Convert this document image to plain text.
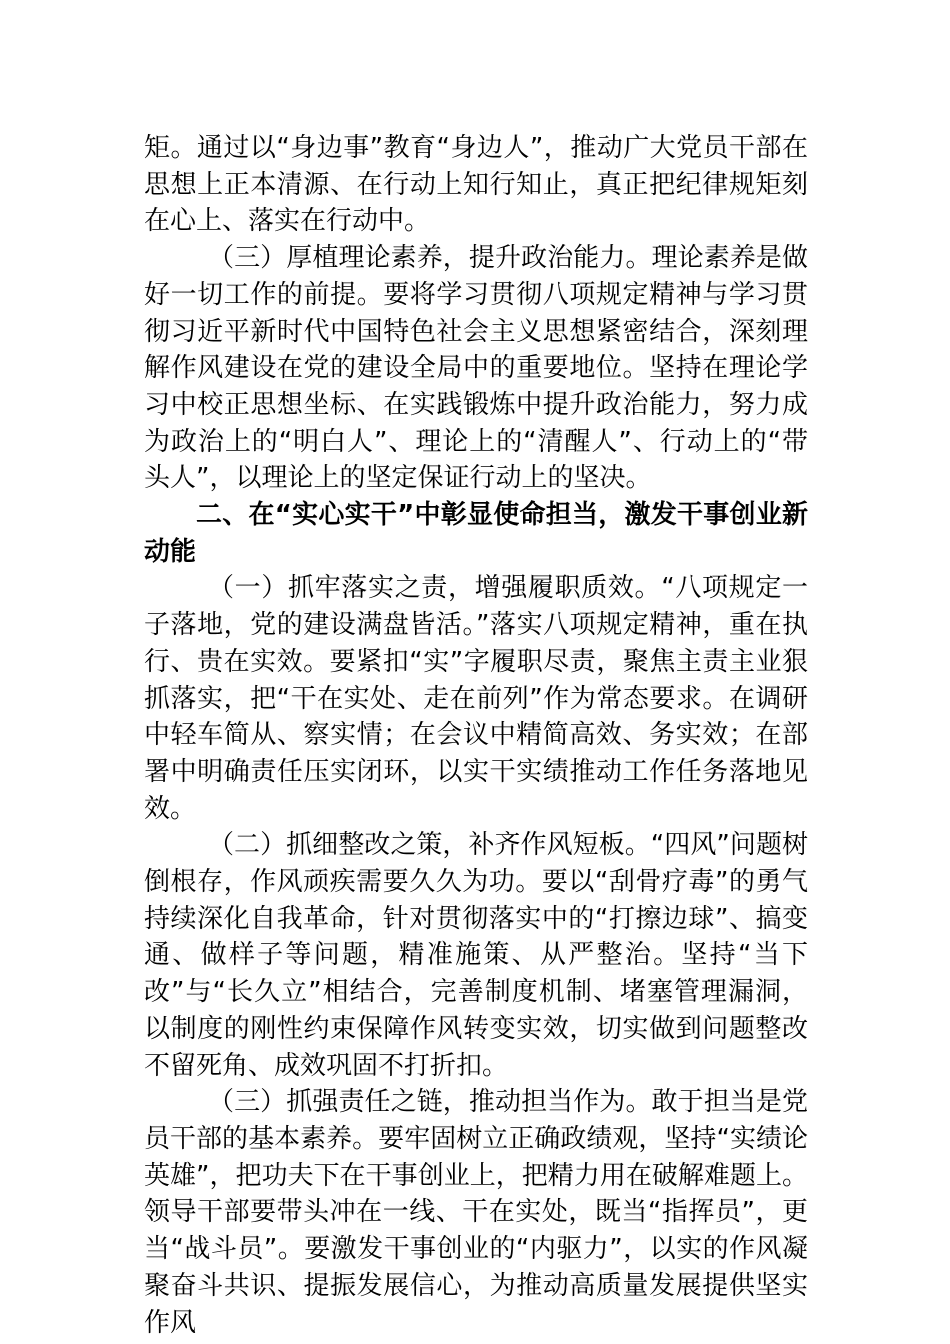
矩。通过以“身边事”教育“身边人”，推动广大党员干部在思想上正本清源、在行动上知行知止，真正把纪律规矩刻在心上、落实在行动中。

（三）厚植理论素养，提升政治能力。理论素养是做好一切工作的前提。要将学习贯彻八项规定精神与学习贯彻习近平新时代中国特色社会主义思想紧密结合，深刻理解作风建设在党的建设全局中的重要地位。坚持在理论学习中校正思想坐标、在实践锻炼中提升政治能力，努力成为政治上的“明白人”、理论上的“清醒人”、行动上的“带头人”，以理论上的坚定保证行动上的坚决。

二、在“实心实干”中彰显使命担当，激发干事创业新动能

（一）抓牢落实之责，增强履职质效。“八项规定一子落地，党的建设满盘皆活。”落实八项规定精神，重在执行、贵在实效。要紧扣“实”字履职尽责，聚焦主责主业狠抓落实，把“干在实处、走在前列”作为常态要求。在调研中轻车简从、察实情；在会议中精简高效、务实效；在部署中明确责任压实闭环，以实干实绩推动工作任务落地见效。

（二）抓细整改之策，补齐作风短板。“四风”问题树倒根存，作风顽疾需要久久为功。要以“刮骨疗毒”的勇气持续深化自我革命，针对贯彻落实中的“打擦边球”、搞变通、做样子等问题，精准施策、从严整治。坚持“当下改”与“长久立”相结合，完善制度机制、堵塞管理漏洞，以制度的刚性约束保障作风转变实效，切实做到问题整改不留死角、成效巩固不打折扣。

（三）抓强责任之链，推动担当作为。敢于担当是党员干部的基本素养。要牢固树立正确政绩观，坚持“实绩论英雄”，把功夫下在干事创业上，把精力用在破解难题上。领导干部要带头冲在一线、干在实处，既当“指挥员”，更当“战斗员”。要激发干事创业的“内驱力”，以实的作风凝聚奋斗共识、提振发展信心，为推动高质量发展提供坚实作风
